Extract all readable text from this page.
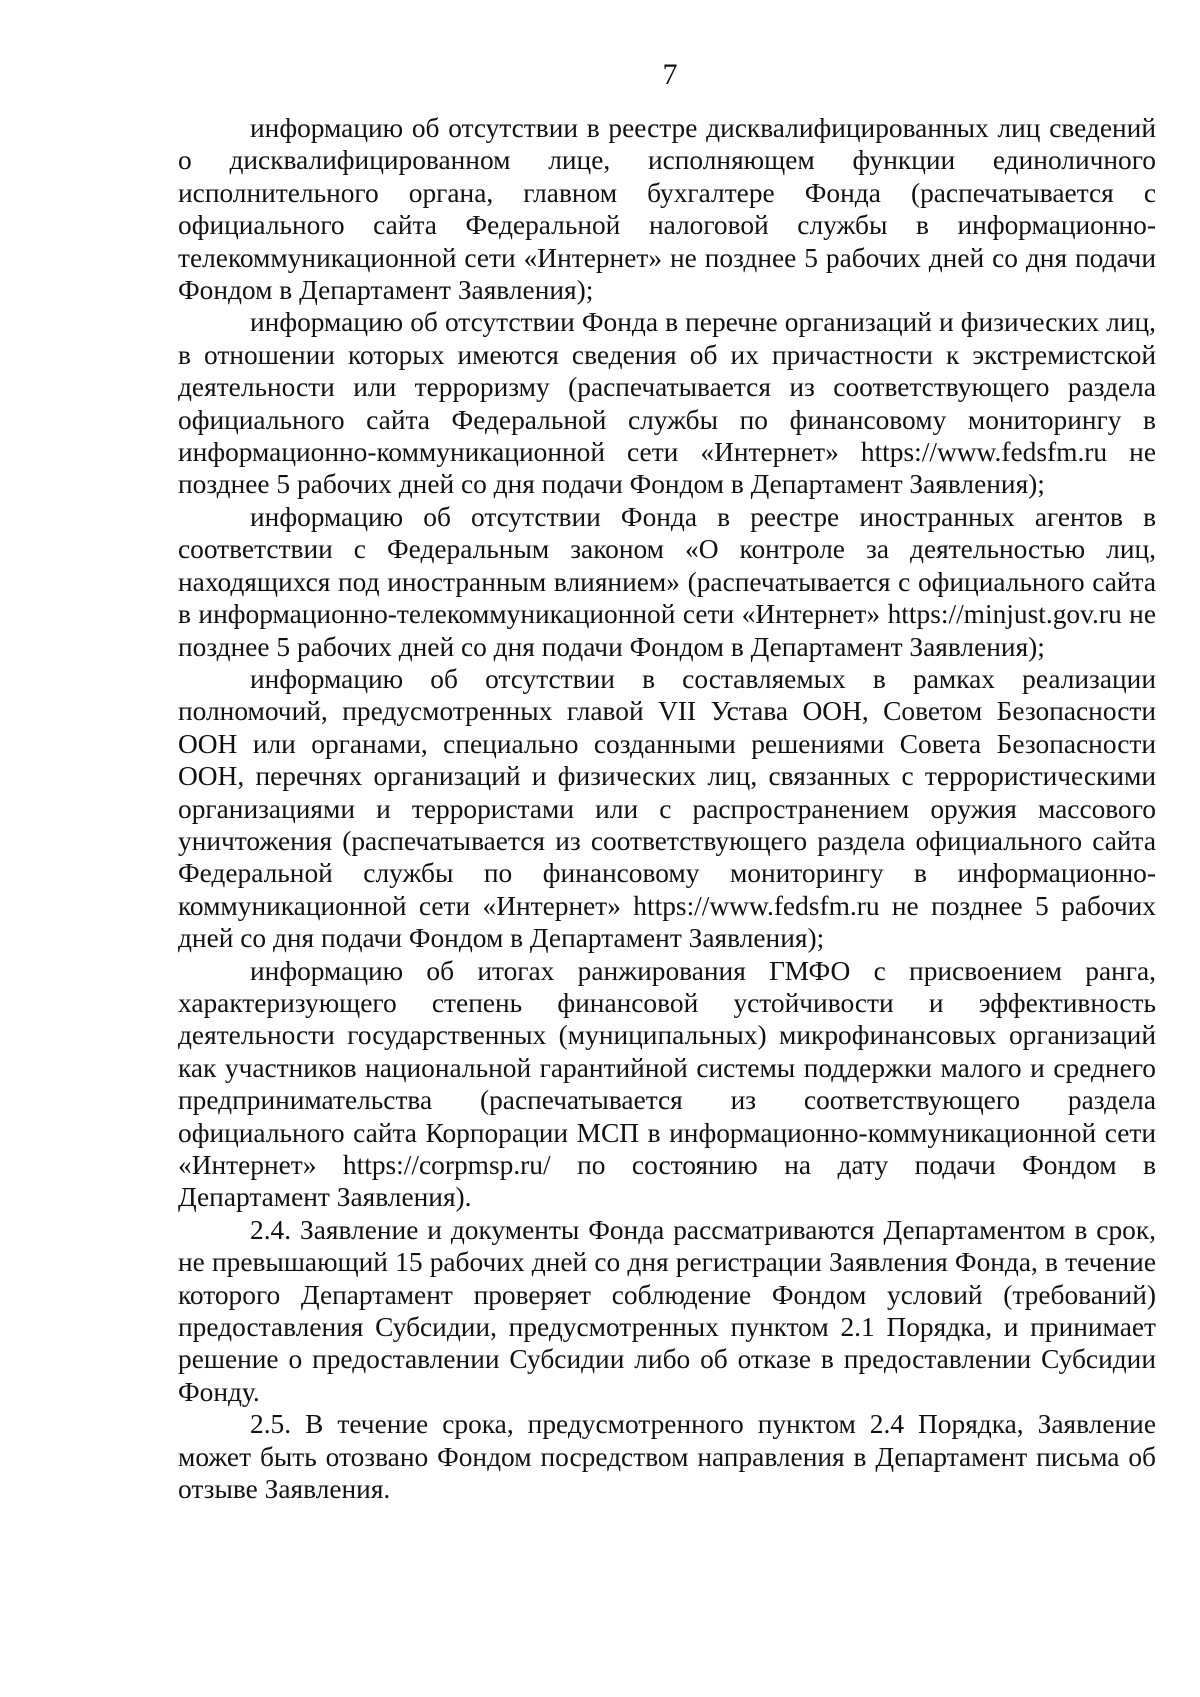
7

информацию об отсутствии в реестре дисквалифицированных лиц сведений о дисквалифицированном лице, исполняющем функции единоличного исполнительного органа, главном бухгалтере Фонда (распечатывается с официального сайта Федеральной налоговой службы в информационно-телекоммуникационной сети «Интернет» не позднее 5 рабочих дней со дня подачи Фондом в Департамент Заявления);

информацию об отсутствии Фонда в перечне организаций и физических лиц, в отношении которых имеются сведения об их причастности к экстремистской деятельности или терроризму (распечатывается из соответствующего раздела официального сайта Федеральной службы по финансовому мониторингу в информационно-коммуникационной сети «Интернет» https://www.fedsfm.ru не позднее 5 рабочих дней со дня подачи Фондом в Департамент Заявления);

информацию об отсутствии Фонда в реестре иностранных агентов в соответствии с Федеральным законом «О контроле за деятельностью лиц, находящихся под иностранным влиянием» (распечатывается с официального сайта в информационно-телекоммуникационной сети «Интернет» https://minjust.gov.ru не позднее 5 рабочих дней со дня подачи Фондом в Департамент Заявления);

информацию об отсутствии в составляемых в рамках реализации полномочий, предусмотренных главой VII Устава ООН, Советом Безопасности ООН или органами, специально созданными решениями Совета Безопасности ООН, перечнях организаций и физических лиц, связанных с террористическими организациями и террористами или с распространением оружия массового уничтожения (распечатывается из соответствующего раздела официального сайта Федеральной службы по финансовому мониторингу в информационно-коммуникационной сети «Интернет» https://www.fedsfm.ru не позднее 5 рабочих дней со дня подачи Фондом в Департамент Заявления);

информацию об итогах ранжирования ГМФО с присвоением ранга, характеризующего степень финансовой устойчивости и эффективность деятельности государственных (муниципальных) микрофинансовых организаций как участников национальной гарантийной системы поддержки малого и среднего предпринимательства (распечатывается из соответствующего раздела официального сайта Корпорации МСП в информационно-коммуникационной сети «Интернет» https://corpmsp.ru/ по состоянию на дату подачи Фондом в Департамент Заявления).

2.4. Заявление и документы Фонда рассматриваются Департаментом в срок, не превышающий 15 рабочих дней со дня регистрации Заявления Фонда, в течение которого Департамент проверяет соблюдение Фондом условий (требований) предоставления Субсидии, предусмотренных пунктом 2.1 Порядка, и принимает решение о предоставлении Субсидии либо об отказе в предоставлении Субсидии Фонду.

2.5. В течение срока, предусмотренного пунктом 2.4 Порядка, Заявление может быть отозвано Фондом посредством направления в Департамент письма об отзыве Заявления.
